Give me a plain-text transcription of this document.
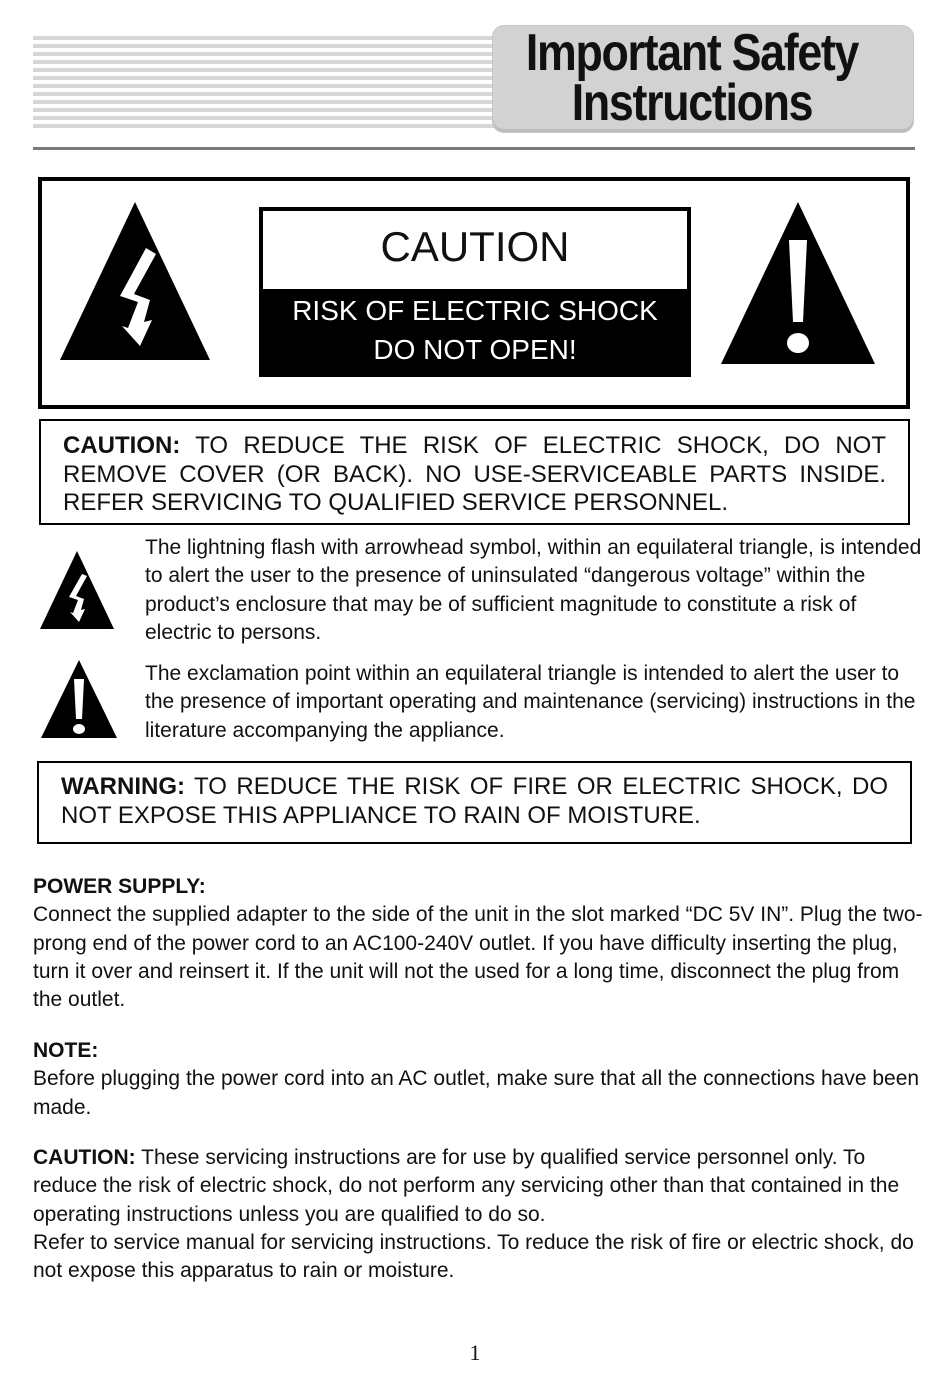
Important Safety
Instructions
CAUTION
RISK OF ELECTRIC SHOCK
DO NOT OPEN!
CAUTION: TO REDUCE THE RISK OF ELECTRIC SHOCK, DO NOT REMOVE COVER (OR BACK). NO USE-SERVICEABLE PARTS INSIDE. REFER SERVICING TO QUALIFIED SERVICE PERSONNEL.
The lightning flash with arrowhead symbol, within an equilateral triangle, is intended to alert the user to the presence of uninsulated “dangerous voltage” within the product’s enclosure that may be of sufficient magnitude to constitute a risk of electric to persons.
The exclamation point within an equilateral triangle is intended to alert the user to the presence of important operating and maintenance (servicing) instructions in the literature accompanying the appliance.
WARNING: TO REDUCE THE RISK OF FIRE OR ELECTRIC SHOCK, DO NOT EXPOSE THIS APPLIANCE TO RAIN OF MOISTURE.
POWER SUPPLY:
Connect the supplied adapter to the side of the unit in the slot marked “DC 5V IN”. Plug the two-prong end of the power cord to an AC100-240V outlet. If you have difficulty inserting the plug, turn it over and reinsert it. If the unit will not the used for a long time, disconnect the plug from the outlet.
NOTE:
Before plugging the power cord into an AC outlet, make sure that all the connections have been made.
CAUTION: These servicing instructions are for use by qualified service personnel only. To reduce the risk of electric shock, do not perform any servicing other than that contained in the operating instructions unless you are qualified to do so.
Refer to service manual for servicing instructions. To reduce the risk of fire or electric shock, do not expose this apparatus to rain or moisture.
1
